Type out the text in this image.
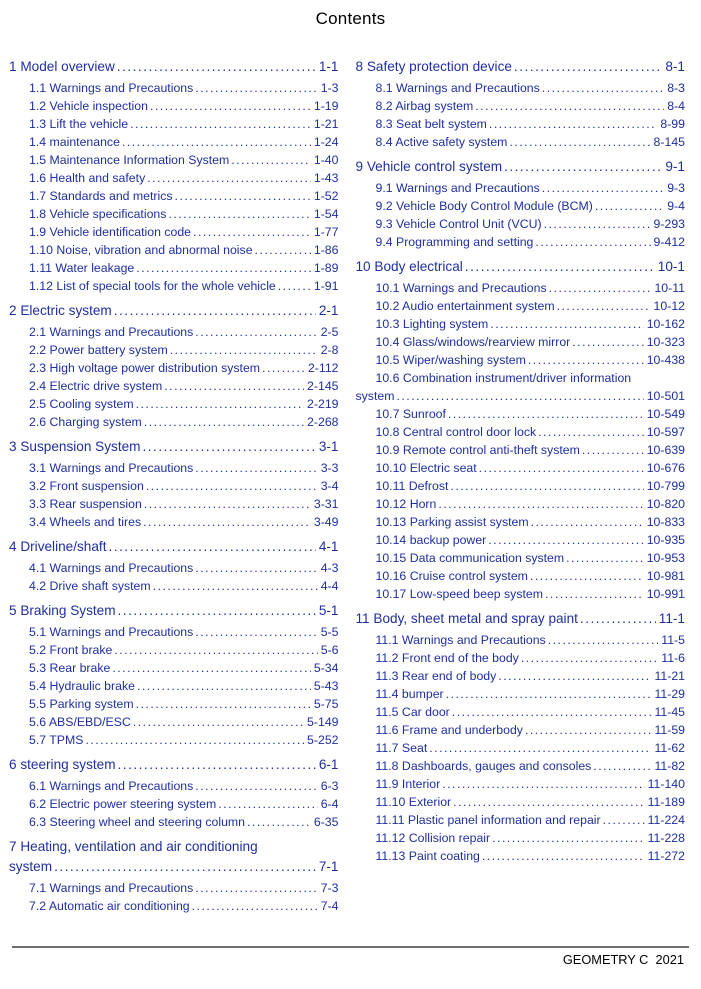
Contents
1 Model overview .....	1-1
1.1 Warnings and Precautions .....	1-3
1.2 Vehicle inspection .....	1-19
1.3 Lift the vehicle .....	1-21
1.4 maintenance .....	1-24
1.5 Maintenance Information System .....	1-40
1.6 Health and safety .....	1-43
1.7 Standards and metrics .....	1-52
1.8 Vehicle specifications .....	1-54
1.9 Vehicle identification code .....	1-77
1.10 Noise, vibration and abnormal noise .....	1-86
1.11 Water leakage .....	1-89
1.12 List of special tools for the whole vehicle .....	1-91
2 Electric system .....	2-1
2.1 Warnings and Precautions .....	2-5
2.2 Power battery system .....	2-8
2.3 High voltage power distribution system .....	2-112
2.4 Electric drive system .....	2-145
2.5 Cooling system .....	2-219
2.6 Charging system .....	2-268
3 Suspension System .....	3-1
3.1 Warnings and Precautions .....	3-3
3.2 Front suspension .....	3-4
3.3 Rear suspension .....	3-31
3.4 Wheels and tires .....	3-49
4 Driveline/shaft .....	4-1
4.1 Warnings and Precautions .....	4-3
4.2 Drive shaft system .....	4-4
5 Braking System .....	5-1
5.1 Warnings and Precautions .....	5-5
5.2 Front brake .....	5-6
5.3 Rear brake .....	5-34
5.4 Hydraulic brake .....	5-43
5.5 Parking system .....	5-75
5.6 ABS/EBD/ESC .....	5-149
5.7 TPMS .....	5-252
6 steering system .....	6-1
6.1 Warnings and Precautions .....	6-3
6.2 Electric power steering system .....	6-4
6.3 Steering wheel and steering column .....	6-35
7 Heating, ventilation and air conditioning
system .....	7-1
7.1 Warnings and Precautions .....	7-3
7.2 Automatic air conditioning .....	7-4
8 Safety protection device .....	8-1
8.1 Warnings and Precautions .....	8-3
8.2 Airbag system .....	8-4
8.3 Seat belt system .....	8-99
8.4 Active safety system .....	8-145
9 Vehicle control system .....	9-1
9.1 Warnings and Precautions .....	9-3
9.2 Vehicle Body Control Module (BCM) .....	9-4
9.3 Vehicle Control Unit (VCU) .....	9-293
9.4 Programming and setting .....	9-412
10 Body electrical .....	10-1
10.1 Warnings and Precautions .....	10-11
10.2 Audio entertainment system .....	10-12
10.3 Lighting system .....	10-162
10.4 Glass/windows/rearview mirror .....	10-323
10.5 Wiper/washing system .....	10-438
10.6 Combination instrument/driver information
system .....	10-501
10.7 Sunroof .....	10-549
10.8 Central control door lock .....	10-597
10.9 Remote control anti-theft system .....	10-639
10.10 Electric seat .....	10-676
10.11 Defrost .....	10-799
10.12 Horn .....	10-820
10.13 Parking assist system .....	10-833
10.14 backup power .....	10-935
10.15 Data communication system .....	10-953
10.16 Cruise control system .....	10-981
10.17 Low-speed beep system .....	10-991
11 Body, sheet metal and spray paint .....	11-1
11.1 Warnings and Precautions .....	11-5
11.2 Front end of the body .....	11-6
11.3 Rear end of body .....	11-21
11.4 bumper .....	11-29
11.5 Car door .....	11-45
11.6 Frame and underbody .....	11-59
11.7 Seat .....	11-62
11.8 Dashboards, gauges and consoles .....	11-82
11.9 Interior .....	11-140
11.10 Exterior .....	11-189
11.11 Plastic panel information and repair .....	11-224
11.12 Collision repair .....	11-228
11.13 Paint coating .....	11-272
GEOMETRY C  2021
